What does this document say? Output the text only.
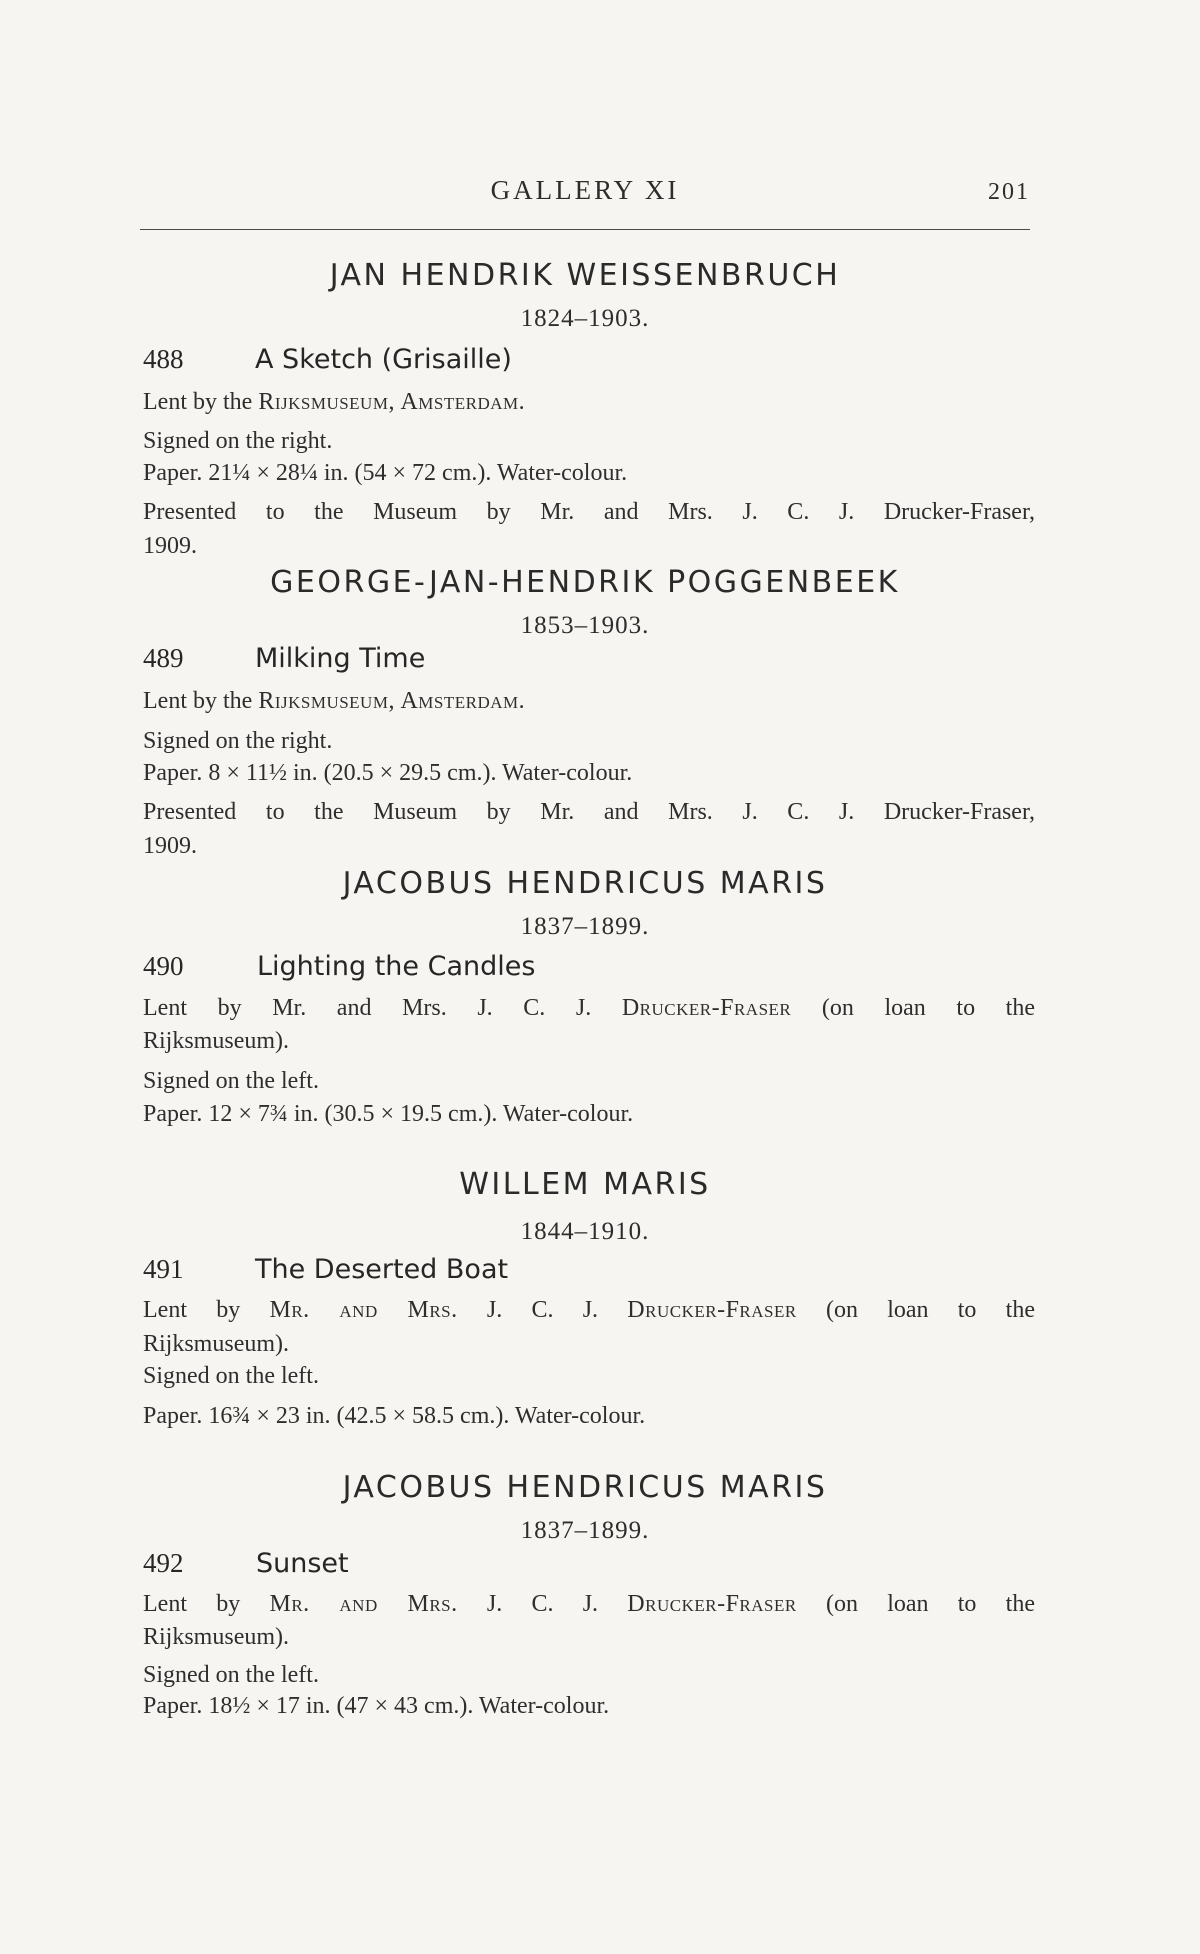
GALLERY XI	201
JAN HENDRIK WEISSENBRUCH
1824–1903.
488	A Sketch (Grisaille)
Lent by the Rijksmuseum, Amsterdam.
Signed on the right.
Paper. 21¼ × 28¼ in. (54 × 72 cm.). Water-colour.
Presented to the Museum by Mr. and Mrs. J. C. J. Drucker-Fraser,
1909.
GEORGE-JAN-HENDRIK POGGENBEEK
1853–1903.
489	Milking Time
Lent by the Rijksmuseum, Amsterdam.
Signed on the right.
Paper. 8 × 11½ in. (20.5 × 29.5 cm.). Water-colour.
Presented to the Museum by Mr. and Mrs. J. C. J. Drucker-Fraser,
1909.
JACOBUS HENDRICUS MARIS
1837–1899.
490	Lighting the Candles
Lent by Mr. and Mrs. J. C. J. Drucker-Fraser (on loan to the
Rijksmuseum).
Signed on the left.
Paper. 12 × 7¾ in. (30.5 × 19.5 cm.). Water-colour.
WILLEM MARIS
1844–1910.
491	The Deserted Boat
Lent by Mr. and Mrs. J. C. J. Drucker-Fraser (on loan to the
Rijksmuseum).
Signed on the left.
Paper. 16¾ × 23 in. (42.5 × 58.5 cm.). Water-colour.
JACOBUS HENDRICUS MARIS
1837–1899.
492	Sunset
Lent by Mr. and Mrs. J. C. J. Drucker-Fraser (on loan to the
Rijksmuseum).
Signed on the left.
Paper. 18½ × 17 in. (47 × 43 cm.). Water-colour.
